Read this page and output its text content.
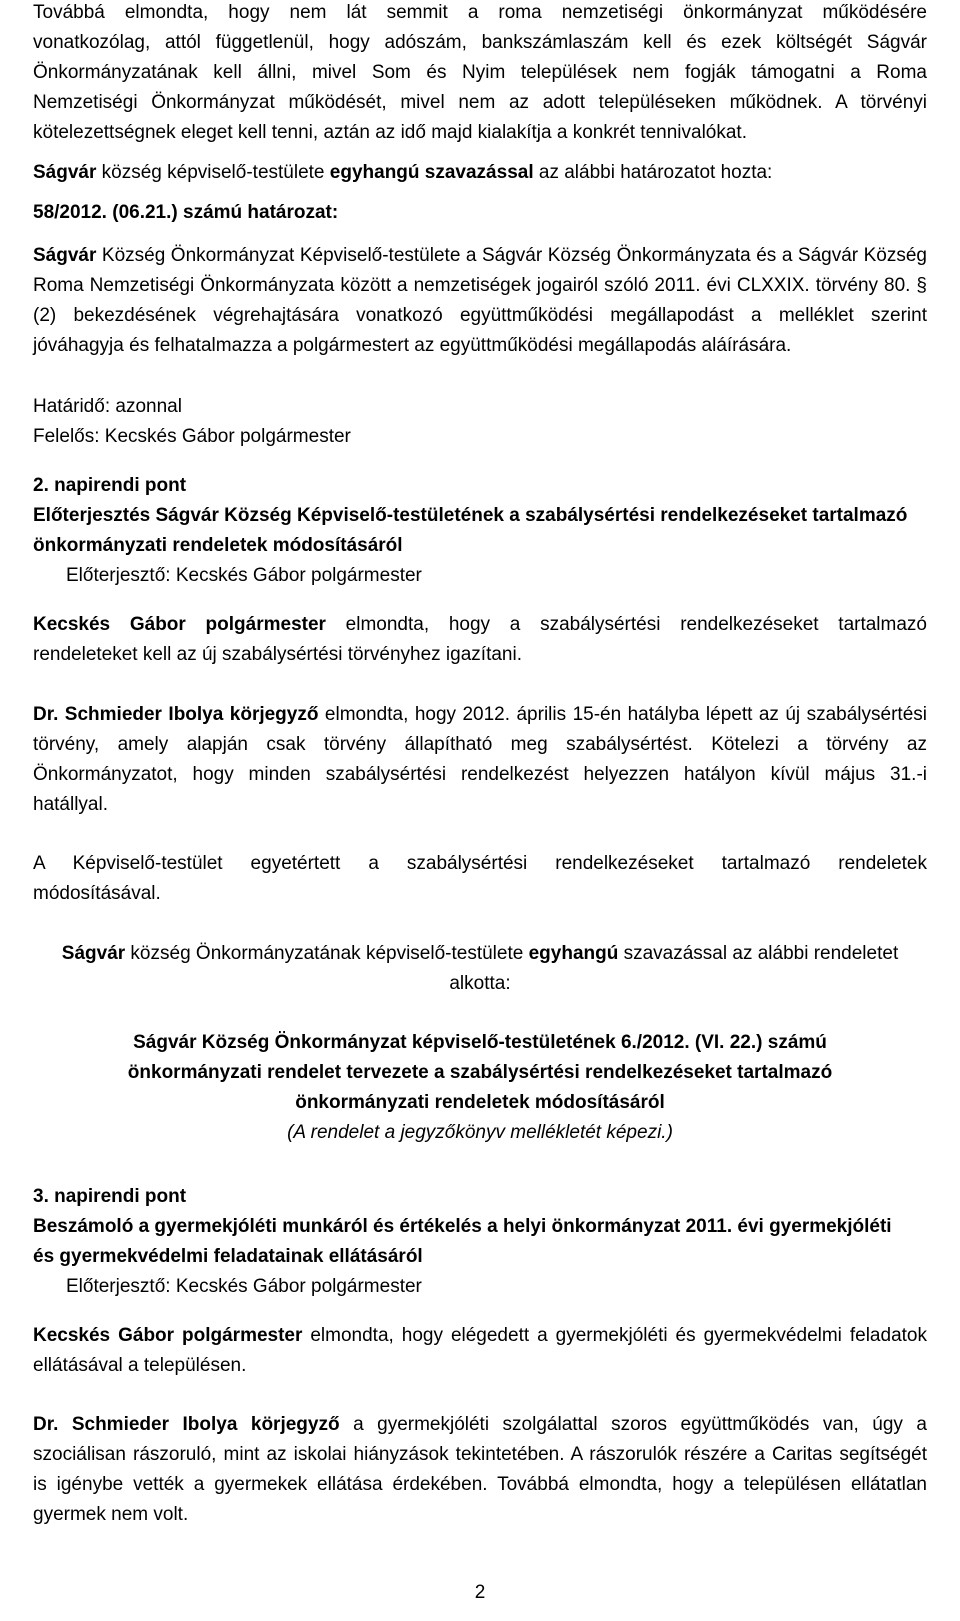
Továbbá elmondta, hogy nem lát semmit a roma nemzetiségi önkormányzat működésére
vonatkozólag, attól függetlenül, hogy adószám, bankszámlaszám kell és ezek költségét Ságvár
Önkormányzatának kell állni, mivel Som és Nyim települések nem fogják támogatni a Roma
Nemzetiségi Önkormányzat működését, mivel nem az adott településeken működnek. A törvényi
kötelezettségnek eleget kell tenni, aztán az idő majd kialakítja a konkrét tennivalókat.
Ságvár község képviselő-testülete egyhangú szavazással az alábbi határozatot hozta:
58/2012. (06.21.) számú határozat:
Ságvár Község Önkormányzat Képviselő-testülete a Ságvár Község Önkormányzata és a Ságvár Község
Roma Nemzetiségi Önkormányzata között a nemzetiségek jogairól szóló 2011. évi CLXXIX. törvény 80. §
(2) bekezdésének végrehajtására vonatkozó együttműködési megállapodást a melléklet szerint
jóváhagyja és felhatalmazza a polgármestert az együttműködési megállapodás aláírására.
Határidő: azonnal
Felelős: Kecskés Gábor polgármester
2. napirendi pont
Előterjesztés Ságvár Község Képviselő-testületének a szabálysértési rendelkezéseket tartalmazó
önkormányzati rendeletek módosításáról
Előterjesztő: Kecskés Gábor polgármester
Kecskés Gábor polgármester elmondta, hogy a szabálysértési rendelkezéseket tartalmazó
rendeleteket kell az új szabálysértési törvényhez igazítani.
Dr. Schmieder Ibolya körjegyző elmondta, hogy 2012. április 15-én hatályba lépett az új szabálysértési
törvény, amely alapján csak törvény állapítható meg szabálysértést. Kötelezi a törvény az
Önkormányzatot, hogy minden szabálysértési rendelkezést helyezzen hatályon kívül május 31.-i
hatállyal.
A Képviselő-testület egyetértett a szabálysértési rendelkezéseket tartalmazó rendeletek
módosításával.
Ságvár község Önkormányzatának képviselő-testülete egyhangú szavazással az alábbi rendeletet
alkotta:
Ságvár Község Önkormányzat képviselő-testületének 6./2012. (VI. 22.) számú
önkormányzati rendelet tervezete a szabálysértési rendelkezéseket tartalmazó
önkormányzati rendeletek módosításáról
(A rendelet a jegyzőkönyv mellékletét képezi.)
3. napirendi pont
Beszámoló a gyermekjóléti munkáról és értékelés a helyi önkormányzat 2011. évi gyermekjóléti
és gyermekvédelmi feladatainak ellátásáról
Előterjesztő: Kecskés Gábor polgármester
Kecskés Gábor polgármester elmondta, hogy elégedett a gyermekjóléti és gyermekvédelmi feladatok
ellátásával a településen.
Dr. Schmieder Ibolya körjegyző a gyermekjóléti szolgálattal szoros együttműködés van, úgy a
szociálisan rászoruló, mint az iskolai hiányzások tekintetében. A rászorulók részére a Caritas segítségét
is igénybe vették a gyermekek ellátása érdekében. Továbbá elmondta, hogy a településen ellátatlan
gyermek nem volt.
2
